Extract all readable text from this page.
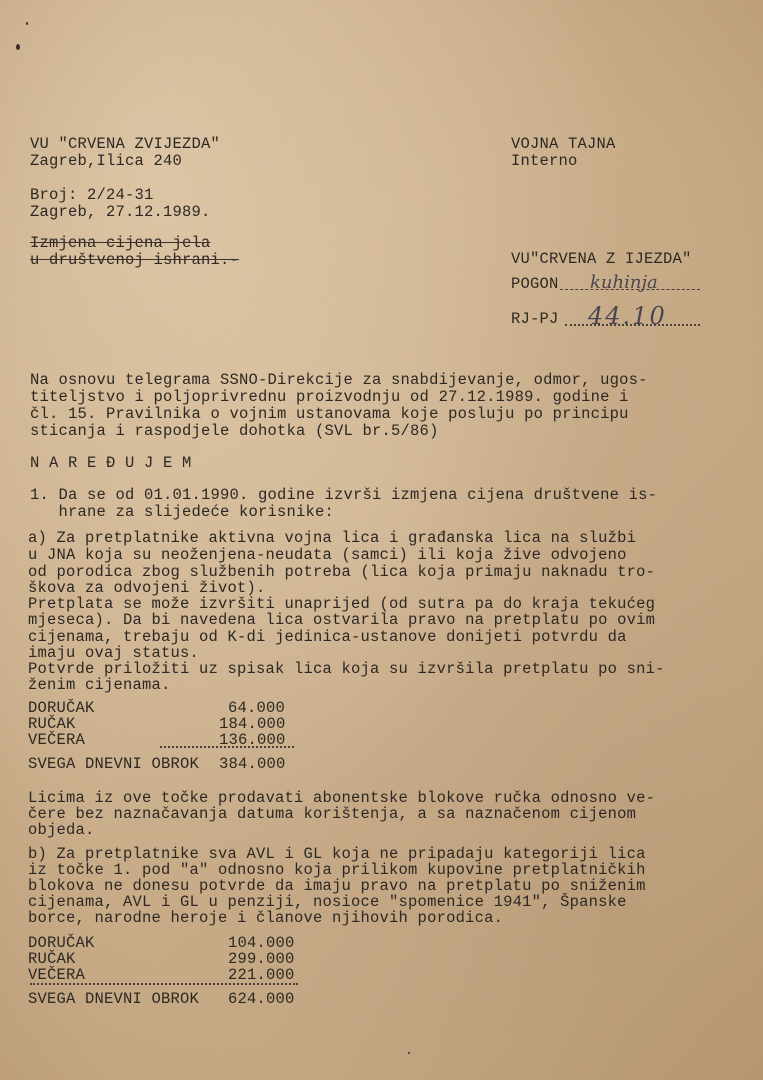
VU "CRVENA ZVIJEZDA"
Zagreb,Ilica 240
VOJNA TAJNA
Interno
Broj: 2/24-31
Zagreb, 27.12.1989.
Izmjena cijena jela
u društvenoj ishrani.-	VU"CRVENA Z IJEZDA"
POGON kuhinja
RJ-PJ 44.10
Na osnovu telegrama SSNO-Direkcije za snabdijevanje, odmor, ugos-
titeljstvo i poljoprivrednu proizvodnju od 27.12.1989. godine i
čl. 15. Pravilnika o vojnim ustanovama koje posluju po principu
sticanja i raspodjele dohotka (SVL br.5/86)
N A R E Đ U J E M
1. Da se od 01.01.1990. godine izvrši izmjena cijena društvene is-
hrane za slijedeće korisnike:
a) Za pretplatnike aktivna vojna lica i građanska lica na službi
u JNA koja su neoženjena-neudata (samci) ili koja žive odvojeno
od porodica zbog službenih potreba (lica koja primaju naknadu tro-
škova za odvojeni život).
Pretplata se može izvršiti unaprijed (od sutra pa do kraja tekućeg
mjeseca). Da bi navedena lica ostvarila pravo na pretplatu po ovim
cijenama, trebaju od K-di jedinica-ustanove donijeti potvrdu da
imaju ovaj status.
Potvrde priložiti uz spisak lica koja su izvršila pretplatu po sni-
ženim cijenama.
DORUČAK	64.000
RUČAK	184.000
VEČERA	136.000
SVEGA DNEVNI OBROK 384.000
Licima iz ove točke prodavati abonentske blokove ručka odnosno ve-
čere bez naznačavanja datuma korištenja, a sa naznačenom cijenom
objeda.
b) Za pretplatnike sva AVL i GL koja ne pripadaju kategoriji lica
iz točke 1. pod "a" odnosno koja prilikom kupovine pretplatničkih
blokova ne donesu potvrde da imaju pravo na pretplatu po sniženim
cijenama, AVL i GL u penziji, nosioce "spomenice 1941", Španske
borce, narodne heroje i članove njihovih porodica.
DORUČAK	104.000
RUČAK	299.000
VEČERA	221.000
SVEGA DNEVNI OBROK 624.000
